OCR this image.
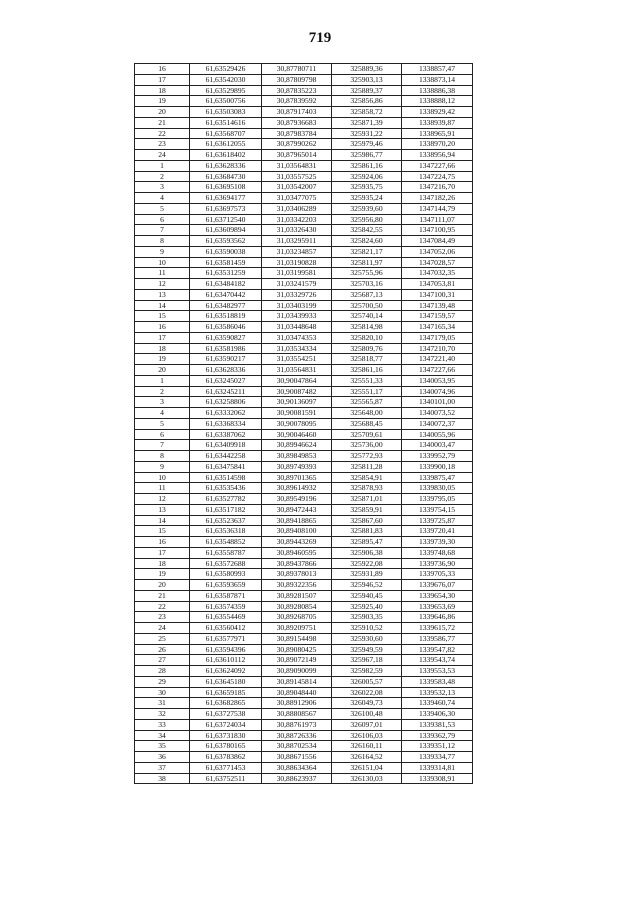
719
16	61,63529426	30,87780711	325889,36	1338857,47
17	61,63542030	30,87809798	325903,13	1338873,14
18	61,63529895	30,87835223	325889,37	1338886,38
19	61,63500756	30,87839592	325856,86	1338888,12
20	61,63503083	30,87917403	325858,72	1338929,42
21	61,63514616	30,87936683	325871,39	1338939,87
22	61,63568707	30,87983784	325931,22	1338965,91
23	61,63612055	30,87990262	325979,46	1338970,20
24	61,63618402	30,87965014	325986,77	1338956,94
1	61,63628336	31,03564831	325861,16	1347227,66
2	61,63684730	31,03557525	325924,06	1347224,75
3	61,63695108	31,03542007	325935,75	1347216,70
4	61,63694177	31,03477075	325935,24	1347182,26
5	61,63697573	31,03406289	325939,60	1347144,79
6	61,63712540	31,03342203	325956,80	1347111,07
7	61,63609894	31,03326430	325842,55	1347100,95
8	61,63593562	31,03295911	325824,60	1347084,49
9	61,63590038	31,03234857	325821,17	1347052,06
10	61,63581459	31,03190828	325811,97	1347028,57
11	61,63531259	31,03199581	325755,96	1347032,35
12	61,63484182	31,03241579	325703,16	1347053,81
13	61,63470442	31,03329726	325687,13	1347100,31
14	61,63482977	31,03403199	325700,50	1347139,48
15	61,63518819	31,03439933	325740,14	1347159,57
16	61,63586046	31,03448648	325814,98	1347165,34
17	61,63590827	31,03474353	325820,10	1347179,05
18	61,63581986	31,03534334	325809,76	1347210,70
19	61,63590217	31,03554251	325818,77	1347221,40
20	61,63628336	31,03564831	325861,16	1347227,66
1	61,63245027	30,90047864	325551,33	1340053,95
2	61,63245211	30,90087482	325551,17	1340074,96
3	61,63258806	30,90136097	325565,87	1340101,00
4	61,63332062	30,90081591	325648,00	1340073,52
5	61,63368334	30,90078095	325688,45	1340072,37
6	61,63387062	30,90046460	325709,61	1340055,96
7	61,63409918	30,89946624	325736,00	1340003,47
8	61,63442258	30,89849853	325772,93	1339952,79
9	61,63475841	30,89749393	325811,28	1339900,18
10	61,63514598	30,89701365	325854,91	1339875,47
11	61,63535436	30,89614932	325878,93	1339830,05
12	61,63527782	30,89549196	325871,01	1339795,05
13	61,63517182	30,89472443	325859,91	1339754,15
14	61,63523637	30,89418865	325867,60	1339725,87
15	61,63536318	30,89408100	325881,83	1339720,41
16	61,63548852	30,89443269	325895,47	1339739,30
17	61,63558787	30,89460595	325906,38	1339748,68
18	61,63572688	30,89437866	325922,08	1339736,90
19	61,63580993	30,89378013	325931,89	1339705,33
20	61,63593659	30,89322356	325946,52	1339676,07
21	61,63587871	30,89281507	325940,45	1339654,30
22	61,63574359	30,89280854	325925,40	1339653,69
23	61,63554469	30,89268705	325903,35	1339646,86
24	61,63560412	30,89209751	325910,52	1339615,72
25	61,63577971	30,89154498	325930,60	1339586,77
26	61,63594396	30,89080425	325949,59	1339547,82
27	61,63610112	30,89072149	325967,18	1339543,74
28	61,63624092	30,89090099	325982,59	1339553,53
29	61,63645180	30,89145814	326005,57	1339583,48
30	61,63659185	30,89048440	326022,08	1339532,13
31	61,63682865	30,88912906	326049,73	1339460,74
32	61,63727538	30,88808567	326100,48	1339406,30
33	61,63724034	30,88761973	326097,01	1339381,53
34	61,63731830	30,88726336	326106,03	1339362,79
35	61,63780165	30,88702534	326160,11	1339351,12
36	61,63783862	30,88671556	326164,52	1339334,77
37	61,63771453	30,88634364	326151,04	1339314,81
38	61,63752511	30,88623937	326130,03	1339308,91
